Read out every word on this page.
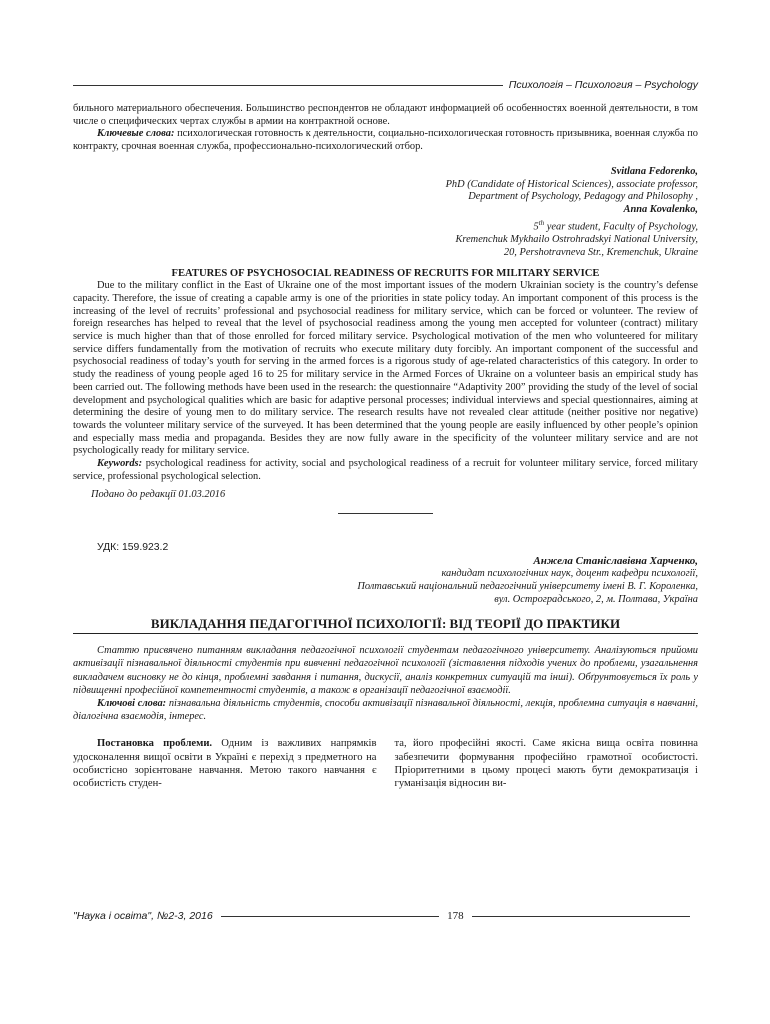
Психологія – Психология – Psychology

бильного материального обеспечения. Большинство респондентов не обладают информацией об особенностях военной деятельности, в том числе о специфических чертах службы в армии на контрактной основе.

Ключевые слова: психологическая готовность к деятельности, социально-психологическая готовность призывника, военная служба по контракту, срочная военная служба, профессионально-психологический отбор.

Svitlana Fedorenko,
PhD (Candidate of Historical Sciences), associate professor,
Department of Psychology, Pedagogy and Philosophy ,
Anna Kovalenko,
5th year student, Faculty of Psychology,
Kremenchuk Mykhailo Ostrohradskyi National University,
20, Pershotravneva Str., Kremenchuk, Ukraine
FEATURES OF PSYCHOSOCIAL READINESS OF RECRUITS FOR MILITARY SERVICE

Due to the military conflict in the East of Ukraine one of the most important issues of the modern Ukrainian society is the country’s defense capacity. Therefore, the issue of creating a capable army is one of the priorities in state policy today. An important component of this process is the increasing of the level of recruits’ professional and psychosocial readiness for military service, which can be forced or volunteer. The review of foreign researches has helped to reveal that the level of psychosocial readiness among the young men accepted for volunteer (contract) military service is much higher than that of those enrolled for forced military service. Psychological motivation of the men who volunteered for military service differs fundamentally from the motivation of recruits who execute military duty forcibly. An important component of the successful and psychosocial readiness of today’s youth for serving in the armed forces is a rigorous study of age-related characteristics of this category. In order to study the readiness of young people aged 16 to 25 for military service in the Armed Forces of Ukraine on a volunteer basis an empirical study has been carried out. The following methods have been used in the research: the questionnaire “Adaptivity 200” providing the study of the level of social development and psychological qualities which are basic for adaptive personal processes; individual interviews and special questionnaires, aiming at determining the desire of young men to do military service. The research results have not revealed clear attitude (neither positive nor negative) towards the volunteer military service of the surveyed. It has been determined that the young people are easily influenced by other people’s opinion and especially mass media and propaganda. Besides they are now fully aware in the specificity of the volunteer military service and are not psychologically ready for military service.

Keywords: psychological readiness for activity, social and psychological readiness of a recruit for volunteer military service, forced military service, professional psychological selection.

Подано до редакції 01.03.2016
УДК: 159.923.2
Анжела Станіславівна Харченко,
кандидат психологічних наук, доцент кафедри психології,
Полтавський національний педагогічний університету імені В. Г. Короленка,
вул. Остроградського, 2, м. Полтава, Україна
ВИКЛАДАННЯ ПЕДАГОГІЧНОЇ ПСИХОЛОГІЇ: ВІД ТЕОРІЇ ДО ПРАКТИКИ

Статтю присвячено питанням викладання педагогічної психології студентам педагогічного університету. Аналізуються прийоми активізації пізнавальної діяльності студентів при вивченні педагогічної психології (зіставлення підходів учених до проблеми, узагальнення викладачем висновку не до кінця, проблемні завдання і питання, дискусії, аналіз конкретних ситуацій та інші). Обґрунтовується їх роль у підвищенні професійної компетентності студентів, а також в організації педагогічної взаємодії.

Ключові слова: пізнавальна діяльність студентів, способи активізації пізнавальної діяльності, лекція, проблемна ситуація в навчанні, діалогічна взаємодія, інтерес.

Постановка проблеми. Одним із важливих напрямків удосконалення вищої освіти в Україні є перехід з предметного на особистісно зорієнтоване навчання. Метою такого навчання є особистість студен-

та, його професійні якості. Саме якісна вища освіта повинна забезпечити формування професійно грамотної особистості. Пріоритетними в цьому процесі мають бути демократизація і гуманізація відносин ви-

"Наука і освіта", №2-3, 2016	178
